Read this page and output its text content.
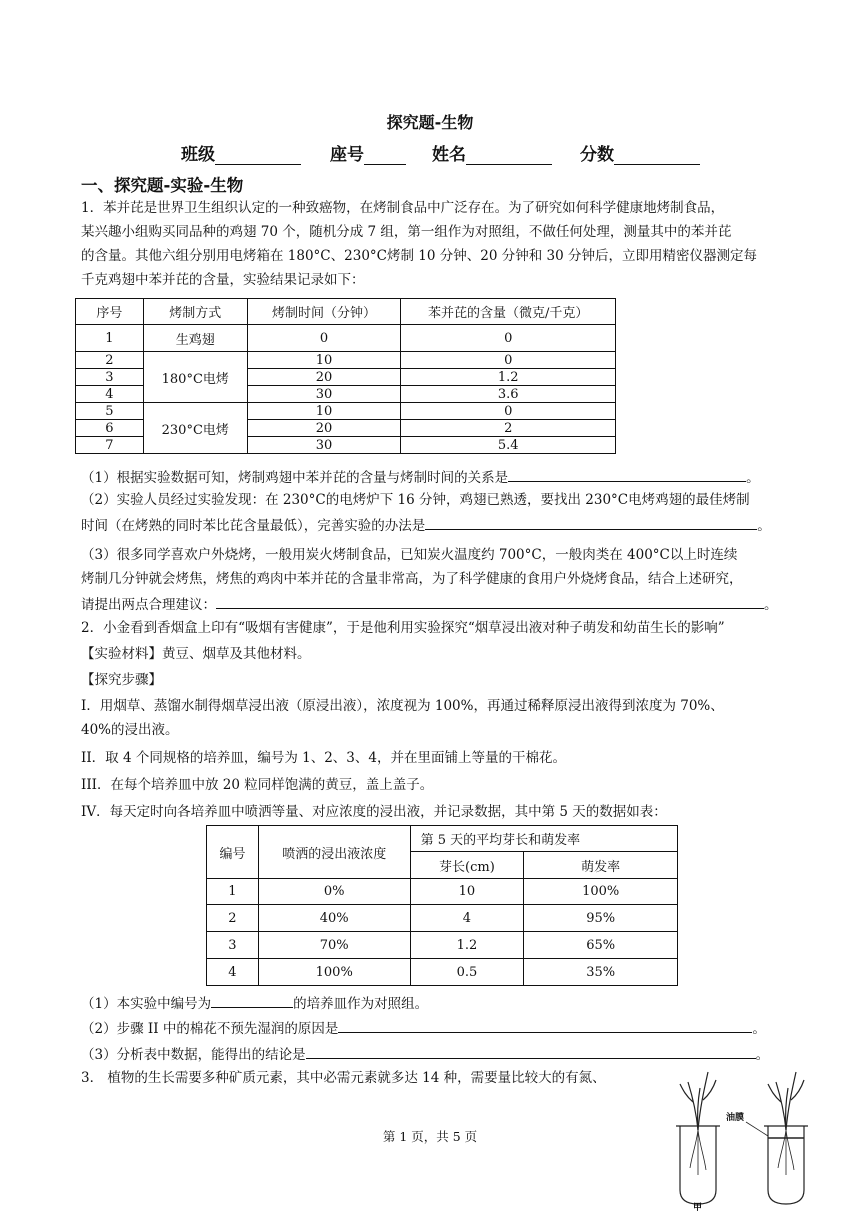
探究题-生物
班级	座号	姓名	分数
一、探究题-实验-生物
1．苯并芘是世界卫生组织认定的一种致癌物，在烤制食品中广泛存在。为了研究如何科学健康地烤制食品，
某兴趣小组购买同品种的鸡翅 70 个，随机分成 7 组，第一组作为对照组，不做任何处理，测量其中的苯并芘
的含量。其他六组分别用电烤箱在 180°C、230°C烤制 10 分钟、20 分钟和 30 分钟后，立即用精密仪器测定每
千克鸡翅中苯并芘的含量，实验结果记录如下：
序号	烤制方式	烤制时间（分钟）	苯并芘的含量（微克/千克）
1	生鸡翅	0	0
2	180°C电烤	10	0
3		20	1.2
4		30	3.6
5	230°C电烤	10	0
6		20	2
7		30	5.4
（1）根据实验数据可知，烤制鸡翅中苯并芘的含量与烤制时间的关系是	。
（2）实验人员经过实验发现：在 230°C的电烤炉下 16 分钟，鸡翅已熟透，要找出 230°C电烤鸡翅的最佳烤制
时间（在烤熟的同时苯比芘含量最低），完善实验的办法是	。
（3）很多同学喜欢户外烧烤，一般用炭火烤制食品，已知炭火温度约 700°C，一般肉类在 400°C以上时连续
烤制几分钟就会烤焦，烤焦的鸡肉中苯并芘的含量非常高，为了科学健康的食用户外烧烤食品，结合上述研究，
请提出两点合理建议：	。
2．小金看到香烟盒上印有“吸烟有害健康”，于是他利用实验探究“烟草浸出液对种子萌发和幼苗生长的影响”
【实验材料】黄豆、烟草及其他材料。
【探究步骤】
I．用烟草、蒸馏水制得烟草浸出液（原浸出液），浓度视为 100%，再通过稀释原浸出液得到浓度为 70%、
40%的浸出液。
II．取 4 个同规格的培养皿，编号为 1、2、3、4，并在里面铺上等量的干棉花。
III．在每个培养皿中放 20 粒同样饱满的黄豆，盖上盖子。
IV．每天定时向各培养皿中喷洒等量、对应浓度的浸出液，并记录数据，其中第 5 天的数据如表：
编号	喷洒的浸出液浓度	第 5 天的平均芽长和萌发率	
		芽长(cm)	萌发率
1	0%	10	100%
2	40%	4	95%
3	70%	1.2	65%
4	100%	0.5	35%
（1）本实验中编号为	的培养皿作为对照组。
（2）步骤 II 中的棉花不预先湿润的原因是	。
（3）分析表中数据，能得出的结论是	。
3． 植物的生长需要多种矿质元素，其中必需元素就多达 14 种，需要量比较大的有氮、
油膜
甲
第 1 页，共 5 页
